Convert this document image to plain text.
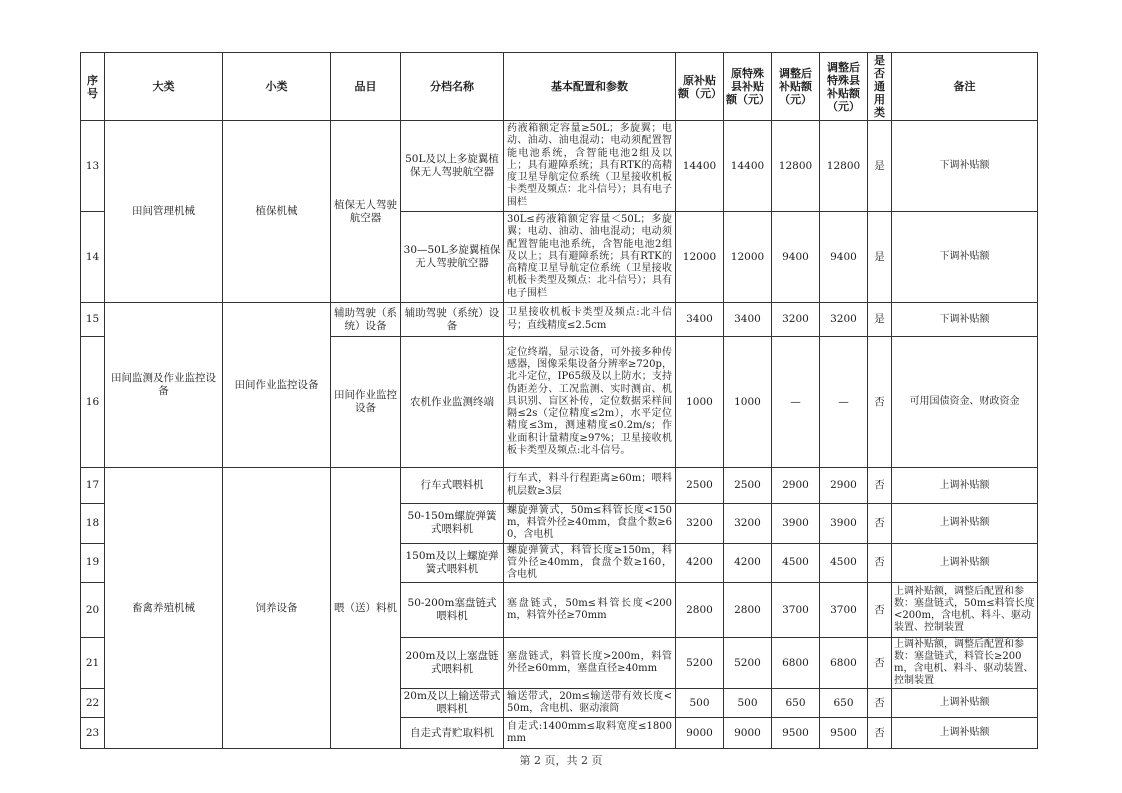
序号	大类	小类	品目	分档名称	基本配置和参数	原补贴额（元）	原特殊县补贴额（元）	调整后补贴额（元）	调整后特殊县补贴额（元）	是否通用类	备注
13	田间管理机械	植保机械	植保无人驾驶航空器	50L及以上多旋翼植保无人驾驶航空器	药液箱额定容量≥50L；多旋翼；电动、油动、油电混动；电动须配置智能电池系统，含智能电池2组及以上；具有避障系统；具有RTK的高精度卫星导航定位系统（卫星接收机板卡类型及频点：北斗信号）；具有电子围栏	14400	14400	12800	12800	是	下调补贴额
14				30—50L多旋翼植保无人驾驶航空器	30L≤药液箱额定容量＜50L；多旋翼；电动、油动、油电混动；电动须配置智能电池系统，含智能电池2组及以上；具有避障系统；具有RTK的高精度卫星导航定位系统（卫星接收机板卡类型及频点：北斗信号）；具有电子围栏	12000	12000	9400	9400	是	下调补贴额
15	田间监测及作业监控设备	田间作业监控设备	辅助驾驶（系统）设备	辅助驾驶（系统）设备	卫星接收机板卡类型及频点:北斗信号；直线精度≤2.5cm	3400	3400	3200	3200	是	下调补贴额
16			田间作业监控设备	农机作业监测终端	定位终端，显示设备，可外接多种传感器，图像采集设备分辨率≥720p，北斗定位，IP65级及以上防水；支持伪距差分、工况监测、实时测亩、机具识别、盲区补传，定位数据采样间隔≤2s（定位精度≤2m），水平定位精度≤3m，测速精度≤0.2m/s；作业面积计量精度≥97%；卫星接收机板卡类型及频点:北斗信号。	1000	1000	—	—	否	可用国债资金、财政资金
17	畜禽养殖机械	饲养设备	喂（送）料机	行车式喂料机	行车式，料斗行程距离≥60m；喂料机层数≥3层	2500	2500	2900	2900	否	上调补贴额
18				50-150m螺旋弹簧式喂料机	螺旋弹簧式，50m≤料管长度<150m，料管外径≥40mm，食盘个数≥60，含电机	3200	3200	3900	3900	否	上调补贴额
19				150m及以上螺旋弹簧式喂料机	螺旋弹簧式，料管长度≥150m，料管外径≥40mm，食盘个数≥160，含电机	4200	4200	4500	4500	否	上调补贴额
20				50-200m塞盘链式喂料机	塞盘链式，50m≤料管长度<200m，料管外径≥70mm	2800	2800	3700	3700	否	上调补贴额，调整后配置和参数：塞盘链式，50m≤料管长度<200m，含电机、料斗、驱动装置、控制装置
21				200m及以上塞盘链式喂料机	塞盘链式，料管长度>200m，料管外径≥60mm，塞盘直径≥40mm	5200	5200	6800	6800	否	上调补贴额，调整后配置和参数：塞盘链式，料管长≥200m，含电机、料斗、驱动装置、控制装置
22				20m及以上输送带式喂料机	输送带式，20m≤输送带有效长度<50m，含电机、驱动滚筒	500	500	650	650	否	上调补贴额
23				自走式青贮取料机	自走式:1400mm≤取料宽度≤1800mm	9000	9000	9500	9500	否	上调补贴额
第 2 页，共 2 页
